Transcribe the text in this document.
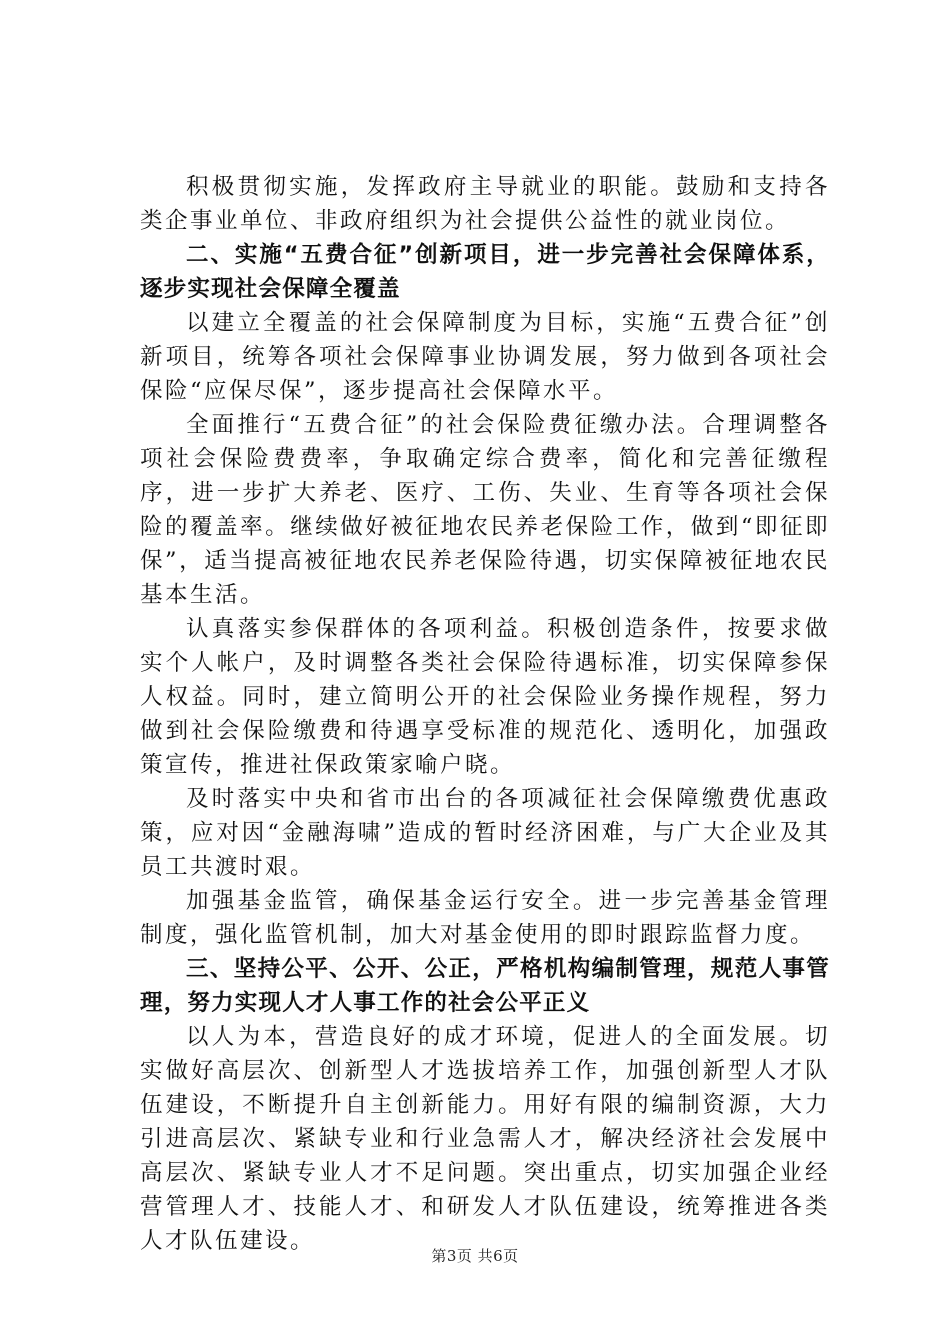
积极贯彻实施，发挥政府主导就业的职能。鼓励和支持各类企事业单位、非政府组织为社会提供公益性的就业岗位。

二、实施“五费合征”创新项目，进一步完善社会保障体系，逐步实现社会保障全覆盖

以建立全覆盖的社会保障制度为目标，实施“五费合征”创新项目，统筹各项社会保障事业协调发展，努力做到各项社会保险“应保尽保”，逐步提高社会保障水平。

全面推行“五费合征”的社会保险费征缴办法。合理调整各项社会保险费费率，争取确定综合费率，简化和完善征缴程序，进一步扩大养老、医疗、工伤、失业、生育等各项社会保险的覆盖率。继续做好被征地农民养老保险工作，做到“即征即保”，适当提高被征地农民养老保险待遇，切实保障被征地农民基本生活。

认真落实参保群体的各项利益。积极创造条件，按要求做实个人帐户，及时调整各类社会保险待遇标准，切实保障参保人权益。同时，建立简明公开的社会保险业务操作规程，努力做到社会保险缴费和待遇享受标准的规范化、透明化，加强政策宣传，推进社保政策家喻户晓。

及时落实中央和省市出台的各项减征社会保障缴费优惠政策，应对因“金融海啸”造成的暂时经济困难，与广大企业及其员工共渡时艰。

加强基金监管，确保基金运行安全。进一步完善基金管理制度，强化监管机制，加大对基金使用的即时跟踪监督力度。

三、坚持公平、公开、公正，严格机构编制管理，规范人事管理，努力实现人才人事工作的社会公平正义

以人为本，营造良好的成才环境，促进人的全面发展。切实做好高层次、创新型人才选拔培养工作，加强创新型人才队伍建设，不断提升自主创新能力。用好有限的编制资源，大力引进高层次、紧缺专业和行业急需人才，解决经济社会发展中高层次、紧缺专业人才不足问题。突出重点，切实加强企业经营管理人才、技能人才、和研发人才队伍建设，统筹推进各类人才队伍建设。

第3页 共6页
